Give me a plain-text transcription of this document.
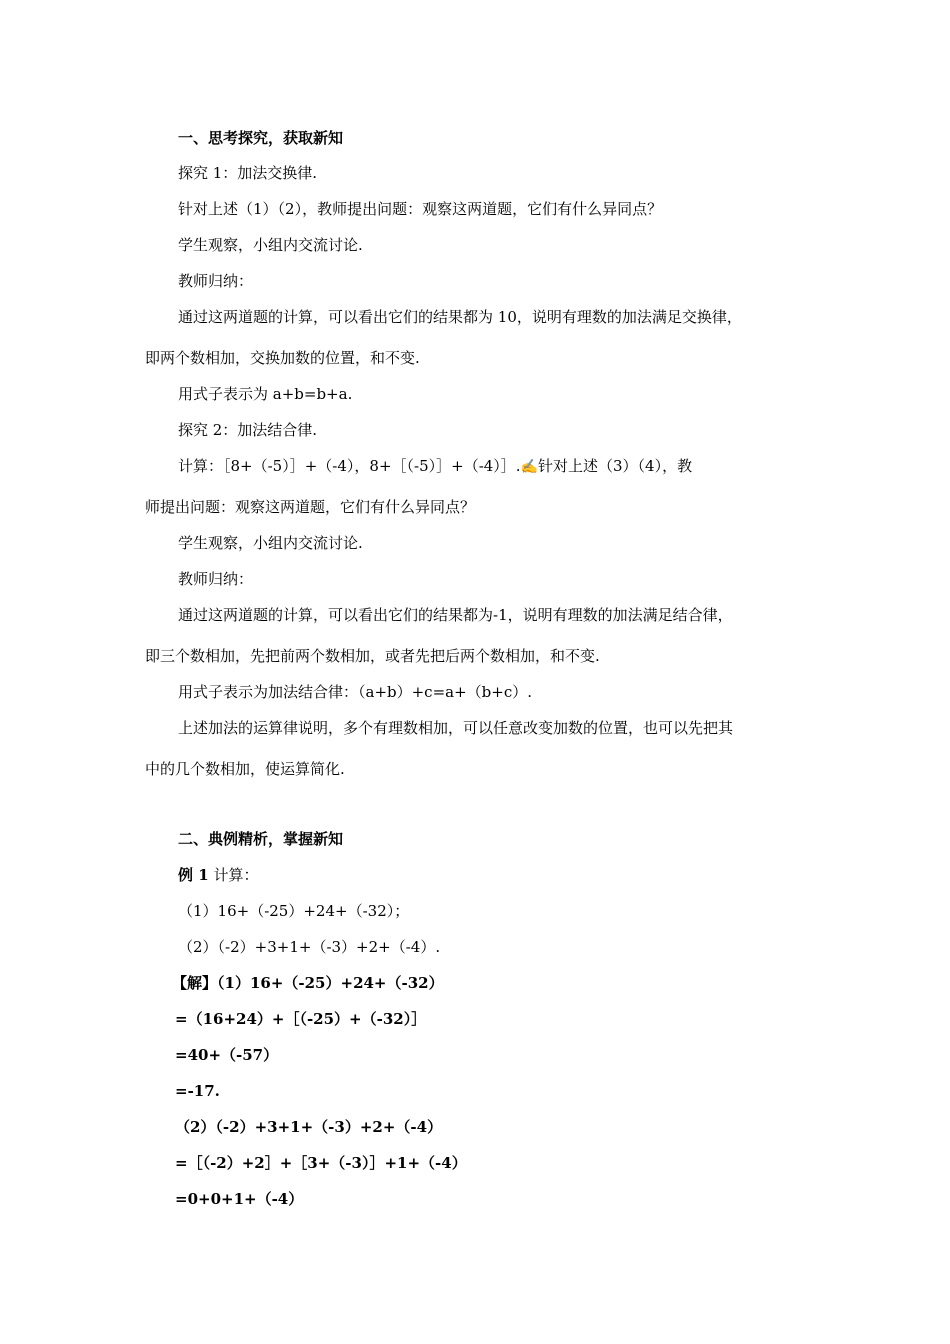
一、思考探究，获取新知
探究 1：加法交换律.
针对上述（1）（2），教师提出问题：观察这两道题，它们有什么异同点？
学生观察，小组内交流讨论.
教师归纳：
通过这两道题的计算，可以看出它们的结果都为 10，说明有理数的加法满足交换律，
即两个数相加，交换加数的位置，和不变.
用式子表示为 a+b=b+a.
探究 2：加法结合律.
计算：［8+（-5）］+（-4），8+［（-5）］+（-4）］.✍针对上述（3）（4），教
师提出问题：观察这两道题，它们有什么异同点？
学生观察，小组内交流讨论.
教师归纳：
通过这两道题的计算，可以看出它们的结果都为-1，说明有理数的加法满足结合律，
即三个数相加，先把前两个数相加，或者先把后两个数相加，和不变.
用式子表示为加法结合律：（a+b）+c=a+（b+c）.
上述加法的运算律说明，多个有理数相加，可以任意改变加数的位置，也可以先把其
中的几个数相加，使运算简化.
二、典例精析，掌握新知
例 1 计算：
（1）16+（-25）+24+（-32）；
（2）（-2）+3+1+（-3）+2+（-4）.
【解】（1）16+（-25）+24+（-32）
=（16+24）+［（-25）+（-32）］
=40+（-57）
=-17.
（2）（-2）+3+1+（-3）+2+（-4）
=［（-2）+2］+［3+（-3）］+1+（-4）
=0+0+1+（-4）
